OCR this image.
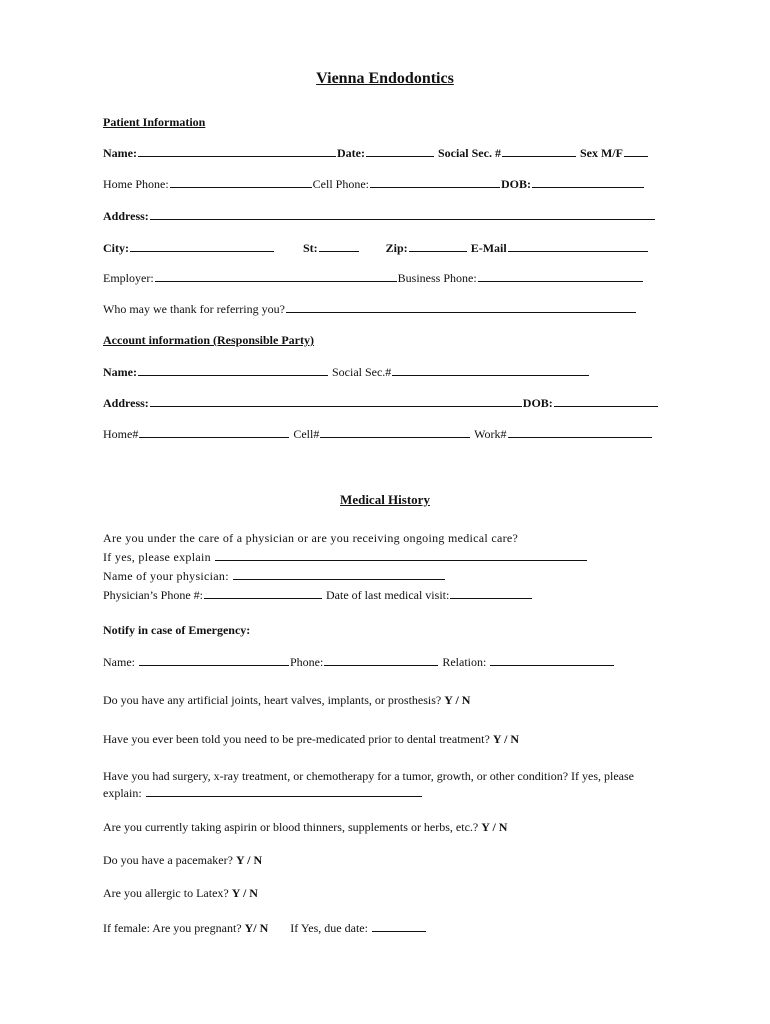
Vienna Endodontics
Patient Information
Name:	Date:	Social Sec. #	Sex M/F
Home Phone:	Cell Phone:	DOB:
Address:
City:	St:	Zip:	E-Mail
Employer:	Business Phone:
Who may we thank for referring you?
Account information (Responsible Party)
Name:	Social Sec.#
Address:	DOB:
Home#	Cell#	Work#
Medical History
Are you under the care of a physician or are you receiving ongoing medical care?
If yes, please explain
Name of your physician:
Physician’s Phone #:	Date of last medical visit:
Notify in case of Emergency:
Name:	Phone:	Relation:
Do you have any artificial joints, heart valves, implants, or prosthesis? Y / N
Have you ever been told you need to be pre-medicated prior to dental treatment? Y / N
Have you had surgery, x-ray treatment, or chemotherapy for a tumor, growth, or other condition? If yes, please
explain:
Are you currently taking aspirin or blood thinners, supplements or herbs, etc.? Y / N
Do you have a pacemaker? Y / N
Are you allergic to Latex? Y / N
If female: Are you pregnant? Y/ N If Yes, due date:
